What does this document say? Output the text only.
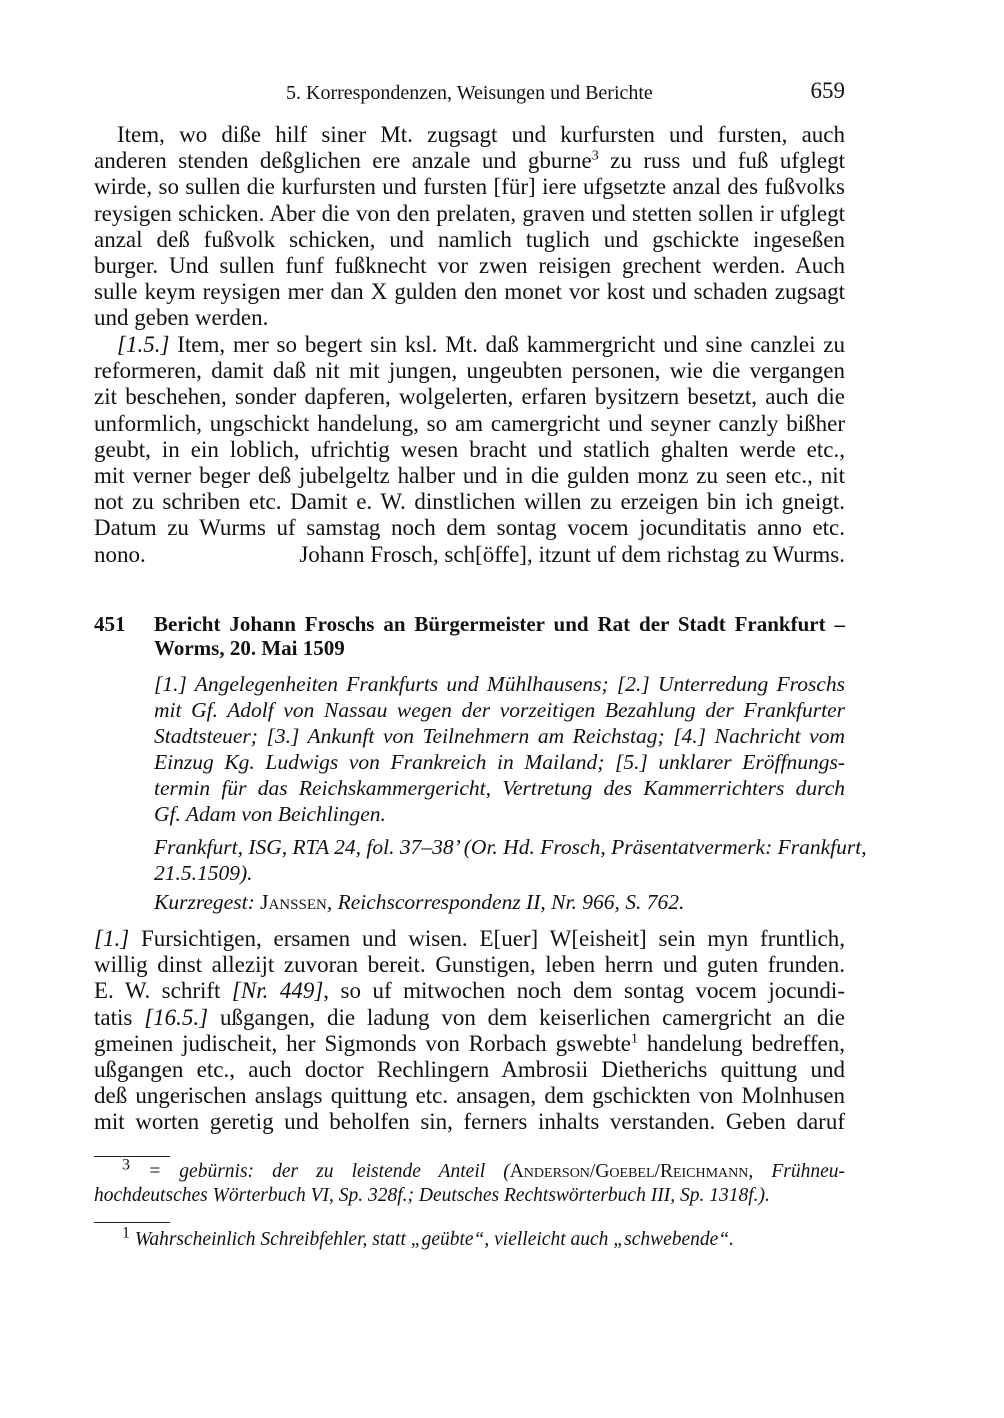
5. Korrespondenzen, Weisungen und Berichte	659
Item, wo diße hilf siner Mt. zugsagt und kurfursten und fursten, auch
anderen stenden deßglichen ere anzale und gburne$^3$ zu russ und fuß ufglegt
wirde, so sullen die kurfursten und fursten [für] iere ufgsetzte anzal des fußvolks
reysigen schicken. Aber die von den prelaten, graven und stetten sollen ir ufglegt
anzal deß fußvolk schicken, und namlich tuglich und gschickte ingeseßen
burger. Und sullen funf fußknecht vor zwen reisigen grechent werden. Auch
sulle keym reysigen mer dan X gulden den monet vor kost und schaden zugsagt
und geben werden.
[1.5.] Item, mer so begert sin ksl. Mt. daß kammergricht und sine canzlei zu
reformeren, damit daß nit mit jungen, ungeubten personen, wie die vergangen
zit beschehen, sonder dapferen, wolgelerten, erfaren bysitzern besetzt, auch die
unformlich, ungschickt handelung, so am camergricht und seyner canzly bißher
geubt, in ein loblich, ufrichtig wesen bracht und statlich ghalten werde etc.,
mit verner beger deß jubelgeltz halber und in die gulden monz zu seen etc., nit
not zu schriben etc. Damit e. W. dinstlichen willen zu erzeigen bin ich gneigt.
Datum zu Wurms uf samstag noch dem sontag vocem jocunditatis anno etc.
nono.	Johann Frosch, sch[öffe], itzunt uf dem richstag zu Wurms.
451 Bericht Johann Froschs an Bürgermeister und Rat der Stadt Frankfurt –
Worms, 20. Mai 1509
[1.] Angelegenheiten Frankfurts und Mühlhausens; [2.] Unterredung Froschs
mit Gf. Adolf von Nassau wegen der vorzeitigen Bezahlung der Frankfurter
Stadtsteuer; [3.] Ankunft von Teilnehmern am Reichstag; [4.] Nachricht vom
Einzug Kg. Ludwigs von Frankreich in Mailand; [5.] unklarer Eröffnungs-
termin für das Reichskammergericht, Vertretung des Kammerrichters durch
Gf. Adam von Beichlingen.
Frankfurt, ISG, RTA 24, fol. 37–38’ (Or. Hd. Frosch, Präsentatvermerk: Frankfurt,
21.5.1509).
Kurzregest: Janssen, Reichscorrespondenz II, Nr. 966, S. 762.
[1.] Fursichtigen, ersamen und wisen. E[uer] W[eisheit] sein myn fruntlich,
willig dinst allezijt zuvoran bereit. Gunstigen, leben herrn und guten frunden.
E. W. schrift [Nr. 449], so uf mitwochen noch dem sontag vocem jocundi-
tatis [16.5.] ußgangen, die ladung von dem keiserlichen camergricht an die
gmeinen judischeit, her Sigmonds von Rorbach gswebte$^1$ handelung bedreffen,
ußgangen etc., auch doctor Rechlingern Ambrosii Dietherichs quittung und
deß ungerischen anslags quittung etc. ansagen, dem gschickten von Molnhusen
mit worten geretig und beholfen sin, ferners inhalts verstanden. Geben daruf
$^3$ = gebürnis: der zu leistende Anteil (Anderson/Goebel/Reichmann, Frühneu-
hochdeutsches Wörterbuch VI, Sp. 328f.; Deutsches Rechtswörterbuch III, Sp. 1318f.).
$^1$ Wahrscheinlich Schreibfehler, statt „geübte“, vielleicht auch „schwebende“.
